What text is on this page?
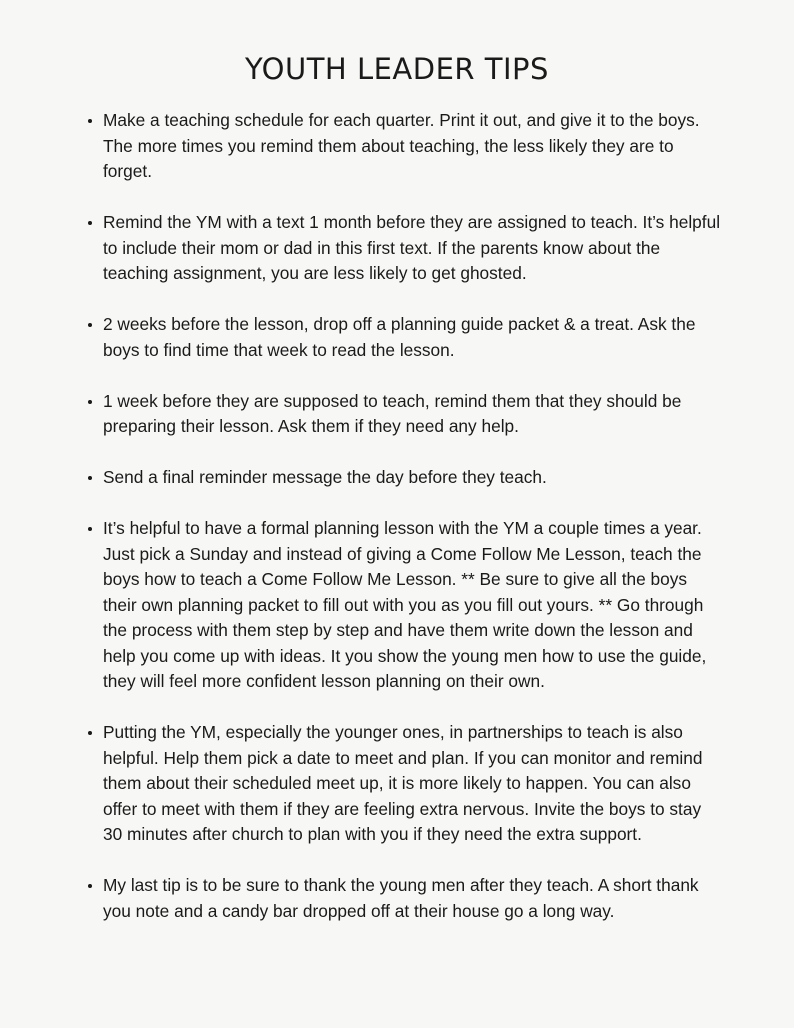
YOUTH LEADER TIPS
Make a teaching schedule for each quarter. Print it out, and give it to the boys. The more times you remind them about teaching, the less likely they are to forget.
Remind the YM with a text 1 month before they are assigned to teach. It’s helpful to include their mom or dad in this first text. If the parents know about the teaching assignment, you are less likely to get ghosted.
2 weeks before the lesson, drop off a planning guide packet & a treat. Ask the boys to find time that week to read the lesson.
1 week before they are supposed to teach, remind them that they should be preparing their lesson. Ask them if they need any help.
Send a final reminder message the day before they teach.
It’s helpful to have a formal planning lesson with the YM a couple times a year. Just pick a Sunday and instead of giving a Come Follow Me Lesson, teach the boys how to teach a Come Follow Me Lesson. ** Be sure to give all the boys their own planning packet to fill out with you as you fill out yours. ** Go through the process with them step by step and have them write down the lesson and help you come up with ideas. It you show the young men how to use the guide, they will feel more confident lesson planning on their own.
Putting the YM, especially the younger ones, in partnerships to teach is also helpful. Help them pick a date to meet and plan. If you can monitor and remind them about their scheduled meet up, it is more likely to happen. You can also offer to meet with them if they are feeling extra nervous. Invite the boys to stay 30 minutes after church to plan with you if they need the extra support.
My last tip is to be sure to thank the young men after they teach. A short thank you note and a candy bar dropped off at their house go a long way.
